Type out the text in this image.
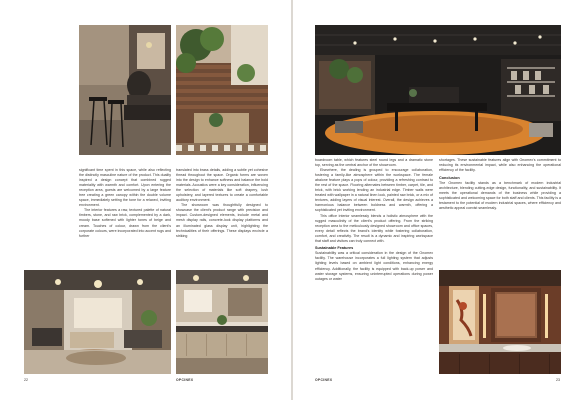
significant time spent in this space, while also reflecting the distinctly masculine nature of the product. This duality inspired a design concept that combined rugged materiality with warmth and comfort. Upon entering the reception area, guests are welcomed by a large feature tree creating a green canopy within the double volume space, immediately setting the tone for a relaxed, inviting environment.

The interior features a raw, textured palette of natural timbers, stone, and raw brick, complemented by a dark, moody base softened with lighter tones of beige and cream. Touches of colour, drawn from the client's corporate colours, were incorporated into accent rugs and further

translated into brass details, adding a subtle yet cohesive thread throughout the space. Organic forms are woven into the design to enhance softness and balance the bold materials. Acoustics were a key consideration, influencing the selection of materials like soft drapery, lush upholstery, and layered textures to create a comfortable auditory environment.

The showroom was thoughtfully designed to showcase the client's product range with precision and impact. Custom-designed elements, include metal and mesh display rails, concrete-look display platforms and an illuminated glass display unit, highlighting the technicalities of their offerings. These displays encircle a striking

22	OPCINEX

boardroom table, which features steel round legs and a dramatic stone top, serving as the central anchor of the showroom.

Elsewhere, the dealing is grouped to encourage collaboration, fostering a family-like atmosphere within the workspace. The female abalone feature plays a pops of colour, providing a refreshing contrast to the rest of the space. Flooring alternates between timber, carpet, tile, and brick, with brick working lending an industrial edge. Timber walls were treated with wallpaper in a natural linen look, painted raw brick, or a mix of textures, adding layers of visual interest. Overall, the design achieves a harmonious balance between boldness and warmth, offering a sophisticated yet inviting environment.

This office interior seamlessly blends a holistic atmosphere with the rugged masculinity of the client's product offering. From the striking reception area to the meticulously designed showroom and office spaces, every detail reflects the brand's identity while fostering collaboration, comfort, and creativity. The result is a dynamic and inspiring workspace that staff and visitors can truly connect with.

Sustainable Features

Sustainability was a critical consideration in the design of the Onomex facility. The warehouse incorporates a full lighting system that adjusts lighting levels based on ambient light conditions, enhancing energy efficiency. Additionally, the facility is equipped with back-up power and water storage systems, ensuring uninterrupted operations during power outages or water

shortages. These sustainable features align with Onomex's commitment to reducing its environmental impact, while also enhancing the operational efficiency of the facility.

Conclusion

The Onomex facility stands as a benchmark of modern industrial architecture, blending cutting-edge design, functionality, and sustainability. It meets the operational demands of the business while providing a sophisticated and welcoming space for both staff and clients. This facility is a testament to the potential of modern industrial spaces, where efficiency and aesthetic appeal coexist seamlessly.

OPCINEX	23
